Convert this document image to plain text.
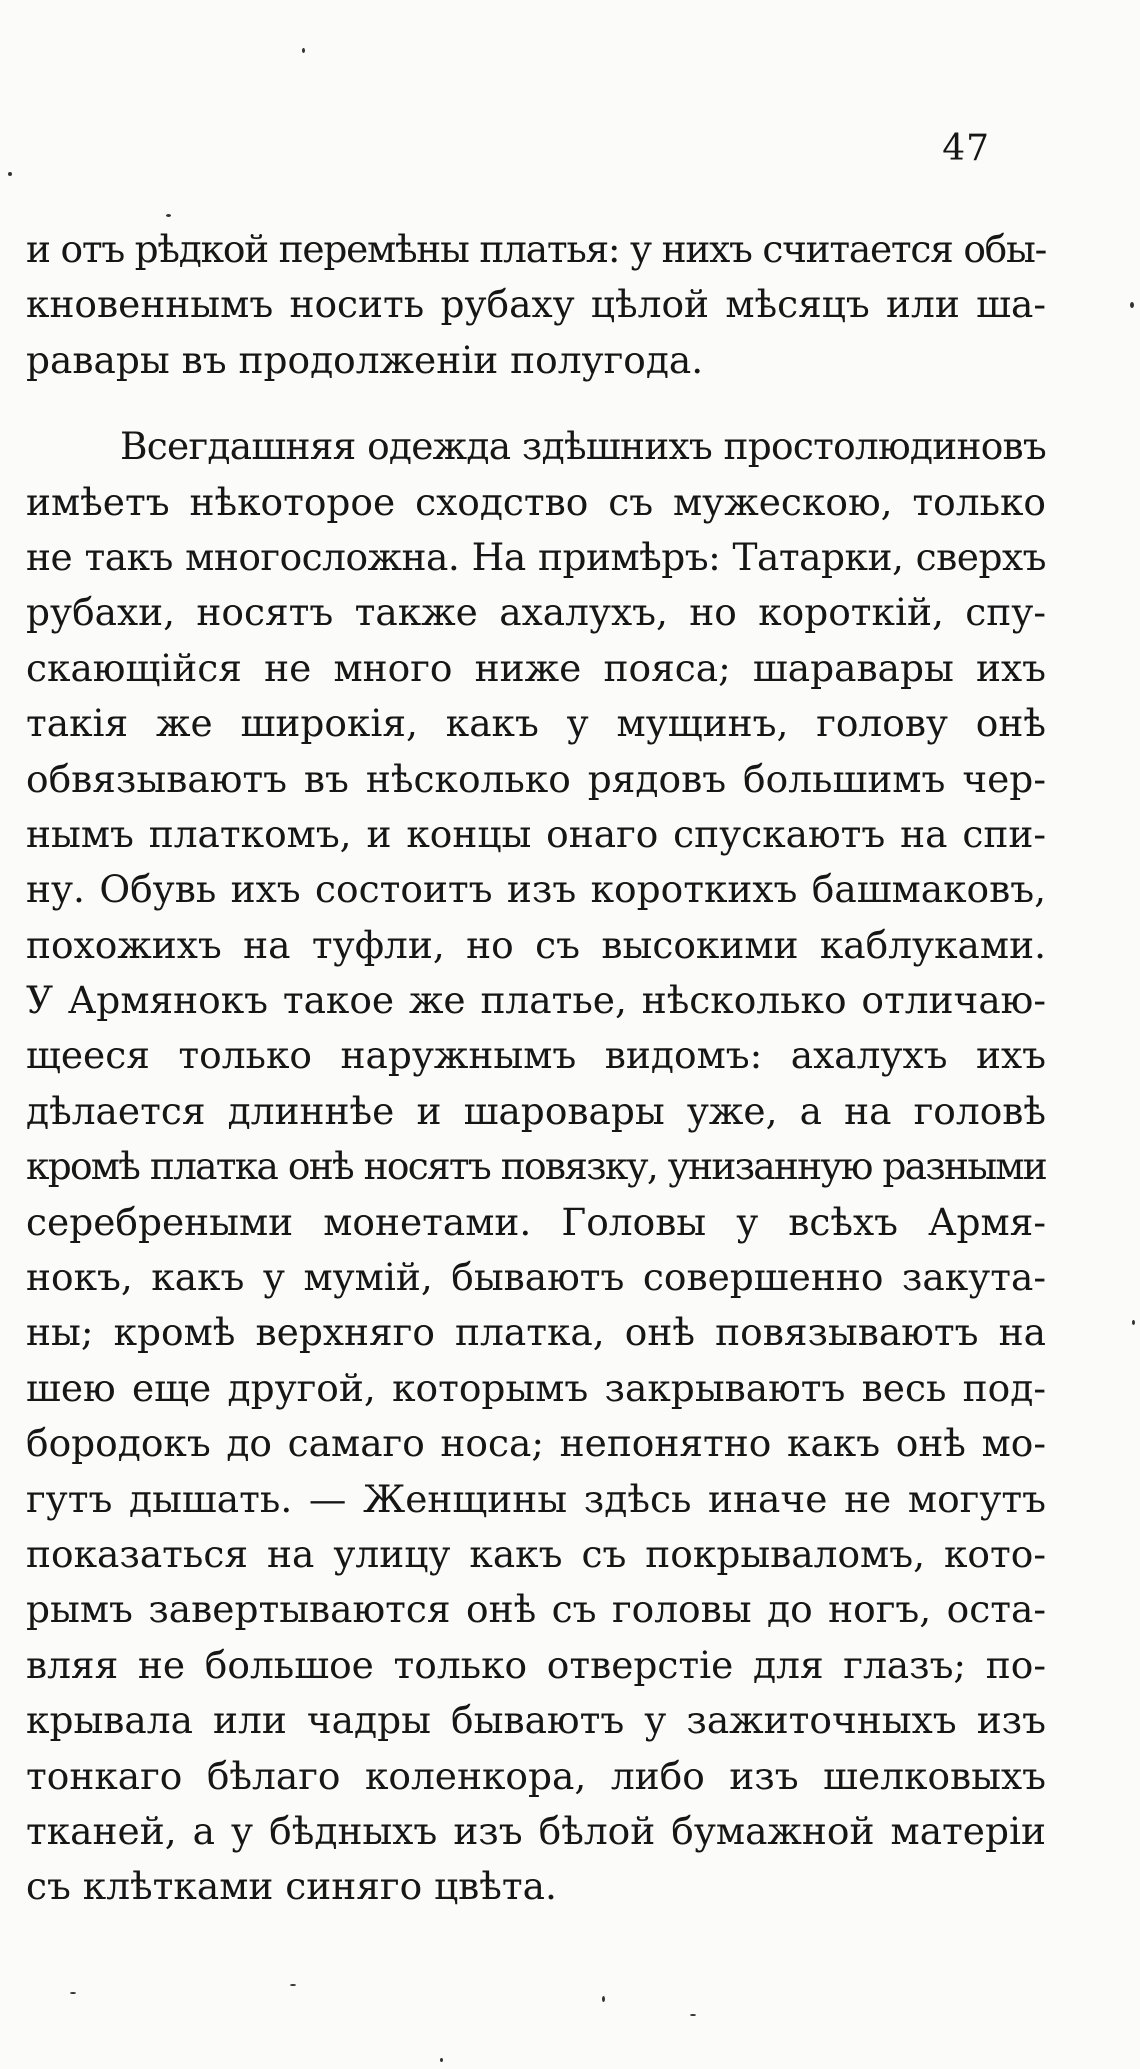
47
и отъ рѣдкой перемѣны платья: у нихъ считается обы-
кновеннымъ носить рубаху цѣлой мѣсяцъ или ша-
равары въ продолженіи полугода.
Всегдашняя одежда здѣшнихъ простолюдиновъ
имѣетъ нѣкоторое сходство съ мужескою, только
не такъ многосложна. На примѣръ: Татарки, сверхъ
рубахи, носятъ также ахалухъ, но короткій, спу-
скающійся не много ниже пояса; шаравары ихъ
такія же широкія, какъ у мущинъ, голову онѣ
обвязываютъ въ нѣсколько рядовъ большимъ чер-
нымъ платкомъ, и концы онаго спускаютъ на спи-
ну. Обувь ихъ состоитъ изъ короткихъ башмаковъ,
похожихъ на туфли, но съ высокими каблуками.
У Армянокъ такое же платье, нѣсколько отличаю-
щееся только наружнымъ видомъ: ахалухъ ихъ
дѣлается длиннѣе и шаровары уже, а на головѣ
кромѣ платка онѣ носятъ повязку, унизанную разными
серебреными монетами. Головы у всѣхъ Армя-
нокъ, какъ у мумій, бываютъ совершенно закута-
ны; кромѣ верхняго платка, онѣ повязываютъ на
шею еще другой, которымъ закрываютъ весь под-
бородокъ до самаго носа; непонятно какъ онѣ мо-
гутъ дышать. — Женщины здѣсь иначе не могутъ
показаться на улицу какъ съ покрываломъ, кото-
рымъ завертываются онѣ съ головы до ногъ, оста-
вляя не большое только отверстіе для глазъ; по-
крывала или чадры бываютъ у зажиточныхъ изъ
тонкаго бѣлаго коленкора, либо изъ шелковыхъ
тканей, а у бѣдныхъ изъ бѣлой бумажной матеріи
съ клѣтками синяго цвѣта.
